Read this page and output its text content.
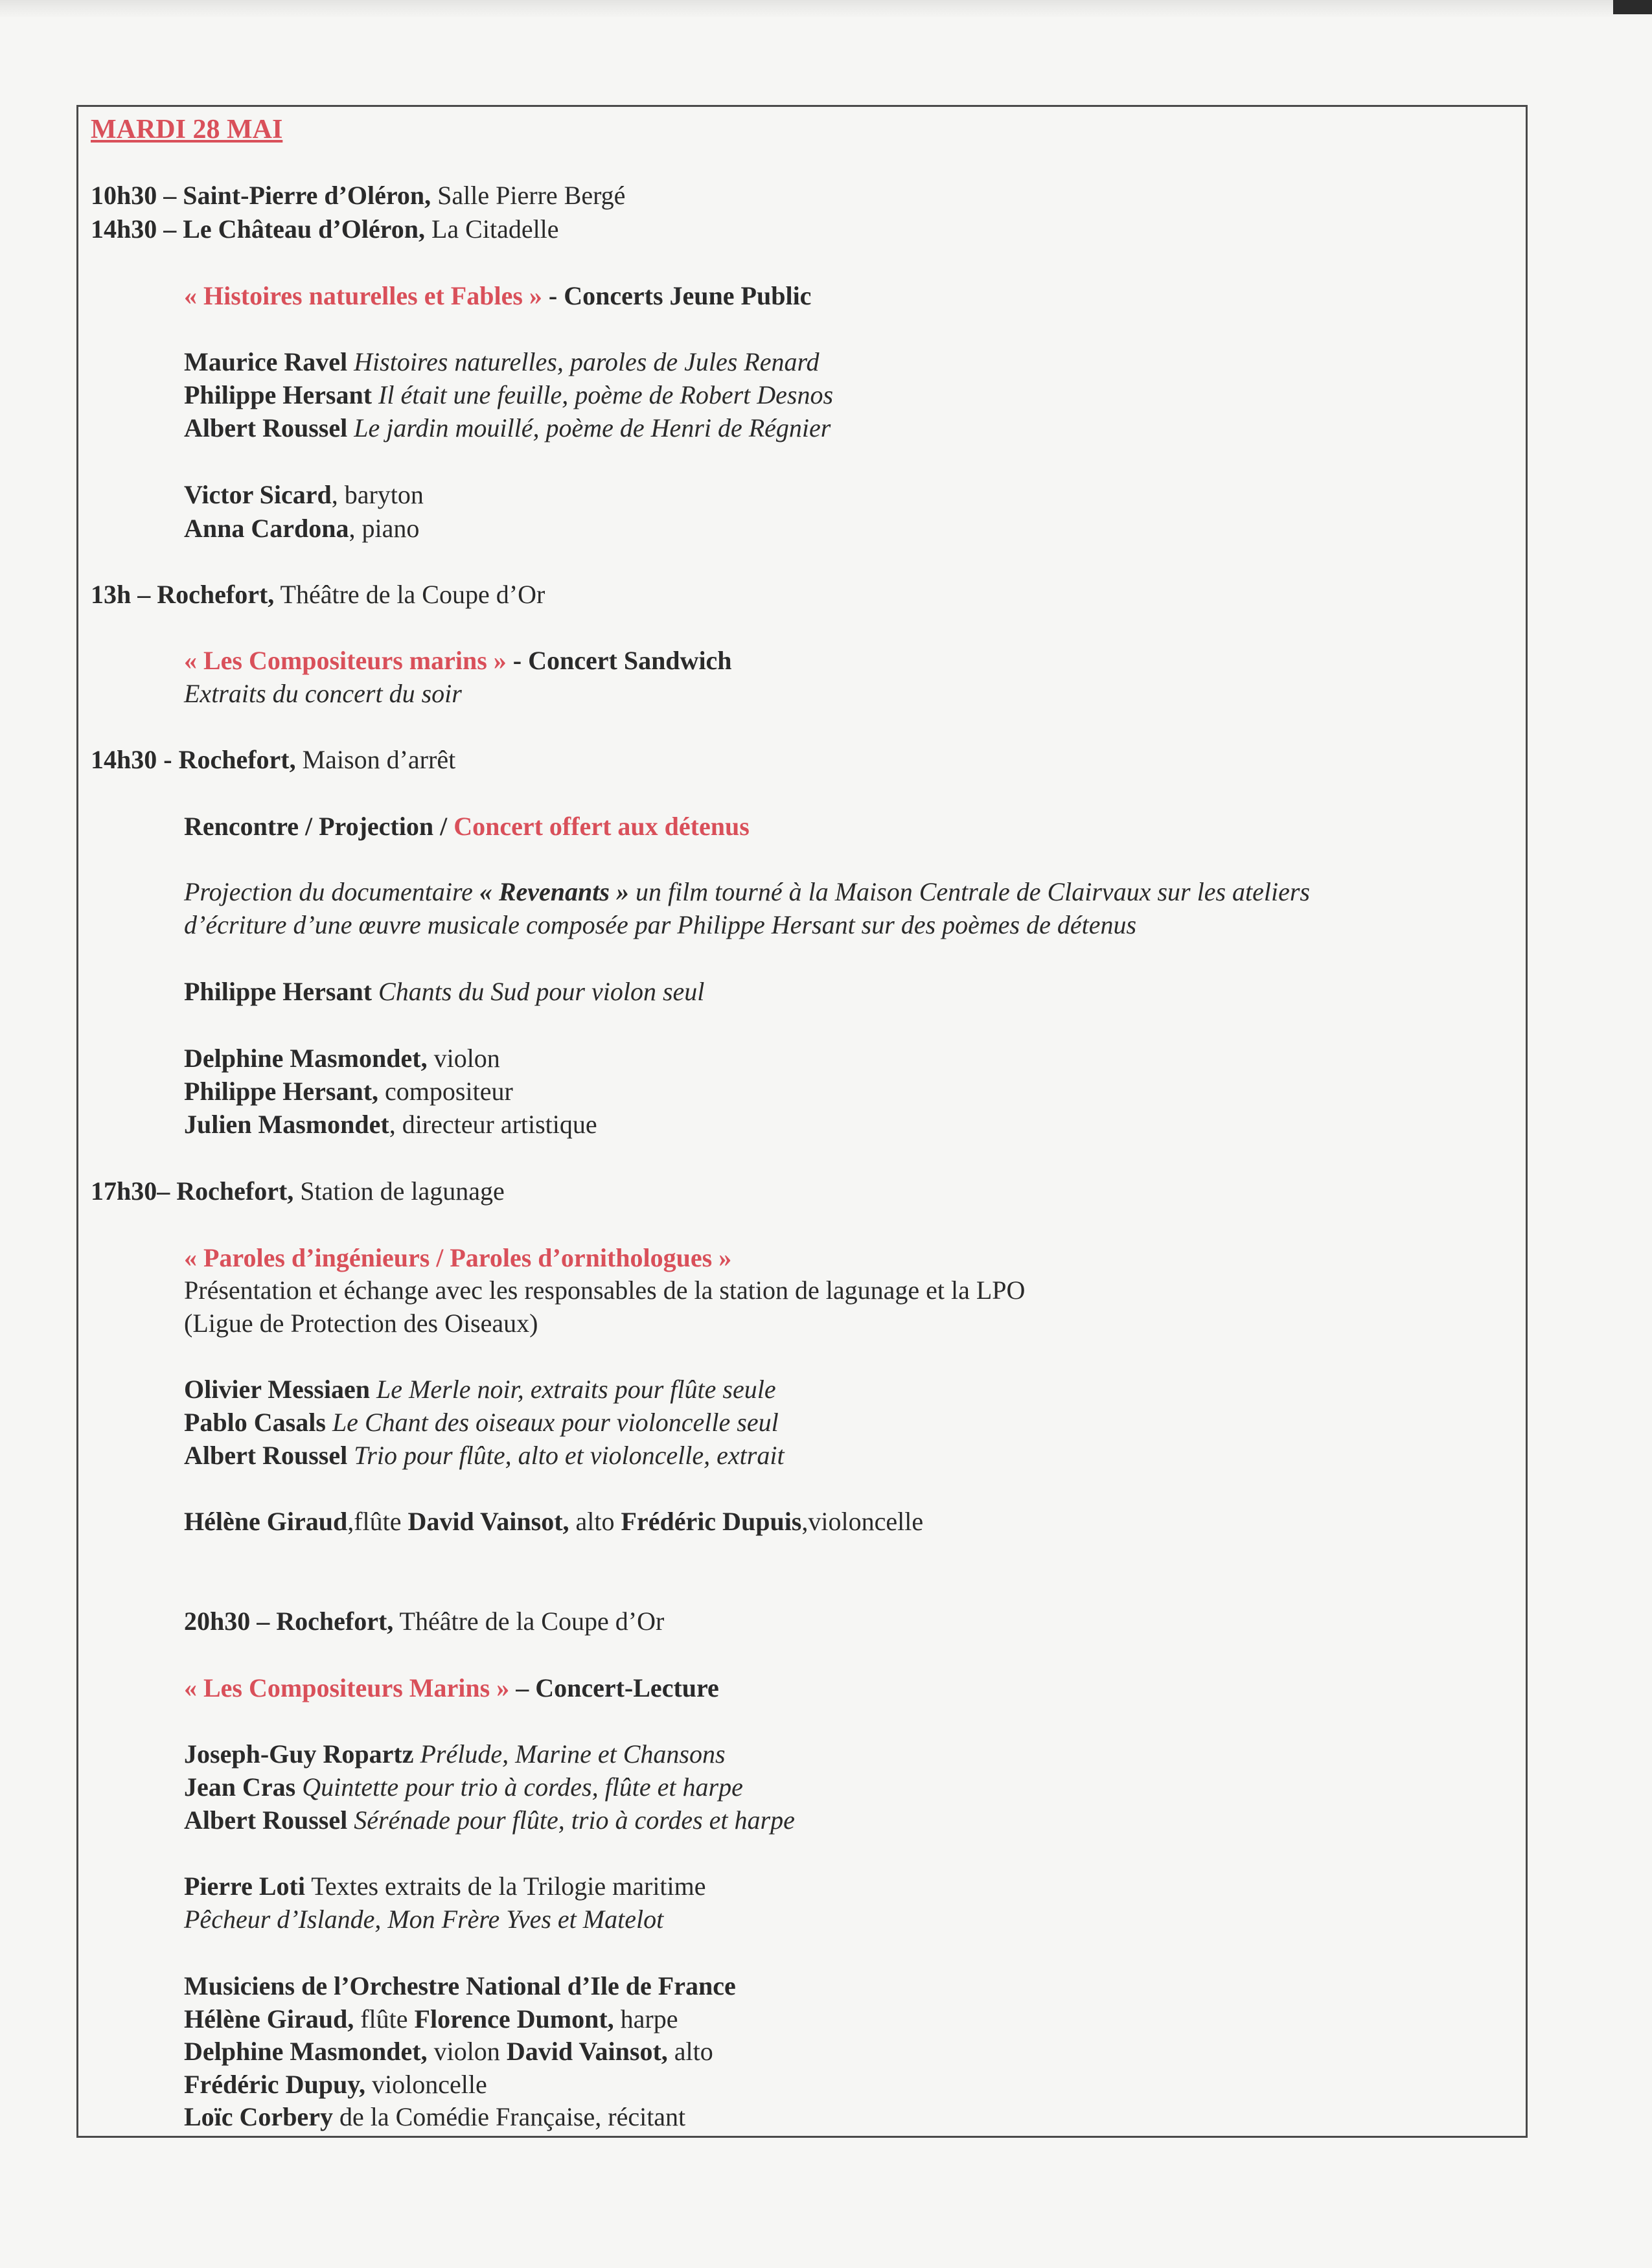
MARDI 28 MAI
10h30 – Saint-Pierre d’Oléron, Salle Pierre Bergé
14h30 – Le Château d’Oléron, La Citadelle
« Histoires naturelles et Fables » - Concerts Jeune Public
Maurice Ravel Histoires naturelles, paroles de Jules Renard
Philippe Hersant Il était une feuille, poème de Robert Desnos
Albert Roussel Le jardin mouillé, poème de Henri de Régnier
Victor Sicard, baryton
Anna Cardona, piano
13h – Rochefort, Théâtre de la Coupe d’Or
« Les Compositeurs marins » - Concert Sandwich
Extraits du concert du soir
14h30 - Rochefort, Maison d’arrêt
Rencontre / Projection / Concert offert aux détenus
Projection du documentaire « Revenants » un film tourné à la Maison Centrale de Clairvaux sur les ateliers
d’écriture d’une œuvre musicale composée par Philippe Hersant sur des poèmes de détenus
Philippe Hersant Chants du Sud pour violon seul
Delphine Masmondet, violon
Philippe Hersant, compositeur
Julien Masmondet, directeur artistique
17h30– Rochefort, Station de lagunage
« Paroles d’ingénieurs / Paroles d’ornithologues »
Présentation et échange avec les responsables de la station de lagunage et la LPO
(Ligue de Protection des Oiseaux)
Olivier Messiaen Le Merle noir, extraits pour flûte seule
Pablo Casals Le Chant des oiseaux pour violoncelle seul
Albert Roussel Trio pour flûte, alto et violoncelle, extrait
Hélène Giraud,flûte David Vainsot, alto Frédéric Dupuis,violoncelle
20h30 – Rochefort, Théâtre de la Coupe d’Or
« Les Compositeurs Marins » – Concert-Lecture
Joseph-Guy Ropartz Prélude, Marine et Chansons
Jean Cras Quintette pour trio à cordes, flûte et harpe
Albert Roussel Sérénade pour flûte, trio à cordes et harpe
Pierre Loti Textes extraits de la Trilogie maritime
Pêcheur d’Islande, Mon Frère Yves et Matelot
Musiciens de l’Orchestre National d’Ile de France
Hélène Giraud, flûte Florence Dumont, harpe
Delphine Masmondet, violon David Vainsot, alto
Frédéric Dupuy, violoncelle
Loïc Corbery de la Comédie Française, récitant
